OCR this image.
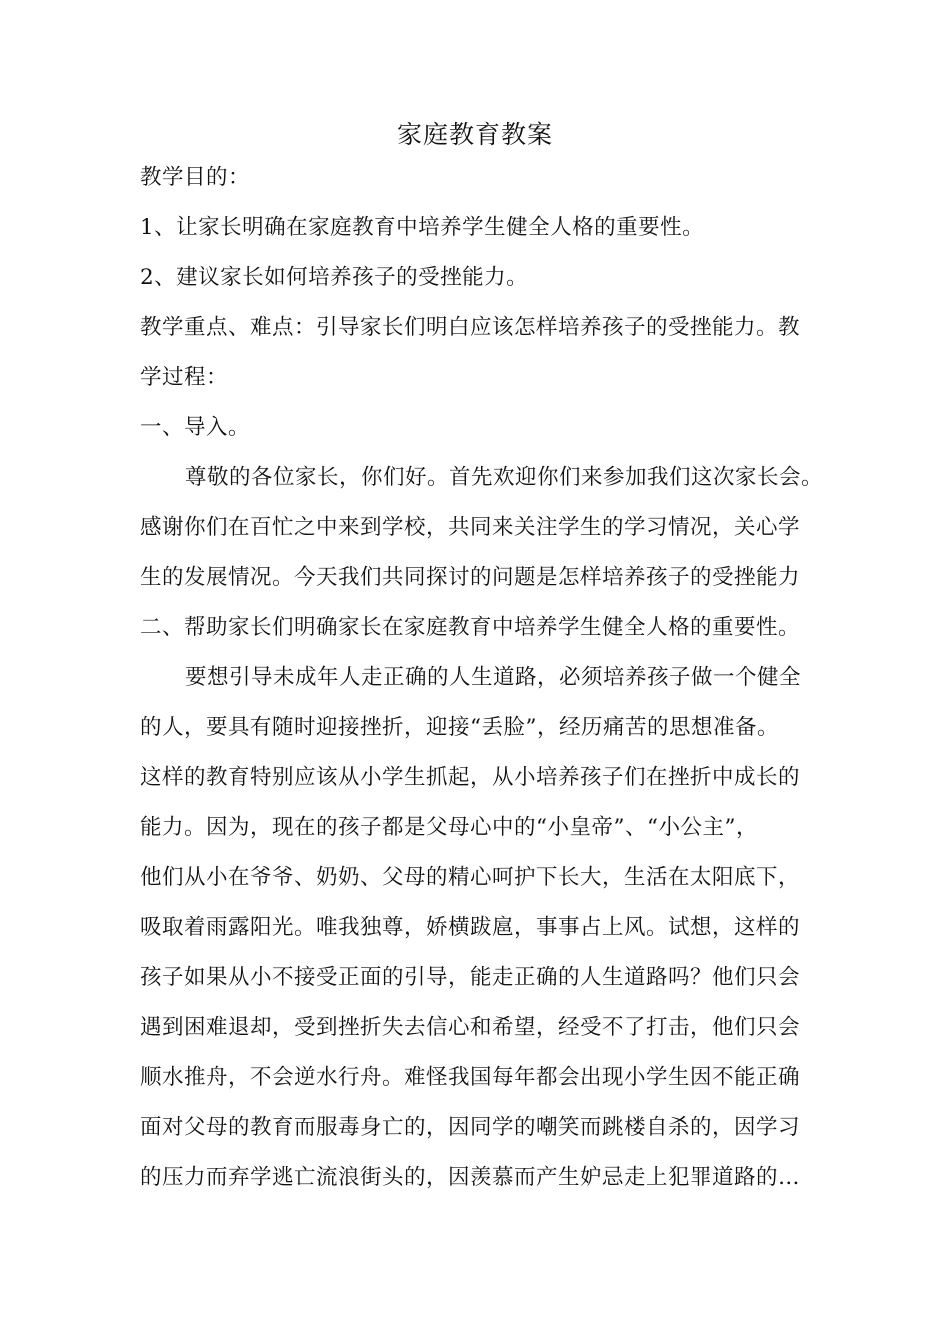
家庭教育教案
教学目的：
1、让家长明确在家庭教育中培养学生健全人格的重要性。
2、建议家长如何培养孩子的受挫能力。
教学重点、难点：引导家长们明白应该怎样培养孩子的受挫能力。教
学过程：
一、导入。
尊敬的各位家长，你们好。首先欢迎你们来参加我们这次家长会。
感谢你们在百忙之中来到学校，共同来关注学生的学习情况，关心学
生的发展情况。今天我们共同探讨的问题是怎样培养孩子的受挫能力
二、帮助家长们明确家长在家庭教育中培养学生健全人格的重要性。
要想引导未成年人走正确的人生道路，必须培养孩子做一个健全
的人，要具有随时迎接挫折，迎接“丢脸”，经历痛苦的思想准备。
这样的教育特别应该从小学生抓起，从小培养孩子们在挫折中成长的
能力。因为，现在的孩子都是父母心中的“小皇帝”、“小公主”，
他们从小在爷爷、奶奶、父母的精心呵护下长大，生活在太阳底下，
吸取着雨露阳光。唯我独尊，娇横跋扈，事事占上风。试想，这样的
孩子如果从小不接受正面的引导，能走正确的人生道路吗？他们只会
遇到困难退却，受到挫折失去信心和希望，经受不了打击，他们只会
顺水推舟，不会逆水行舟。难怪我国每年都会出现小学生因不能正确
面对父母的教育而服毒身亡的，因同学的嘲笑而跳楼自杀的，因学习
的压力而弃学逃亡流浪街头的，因羡慕而产生妒忌走上犯罪道路的…
